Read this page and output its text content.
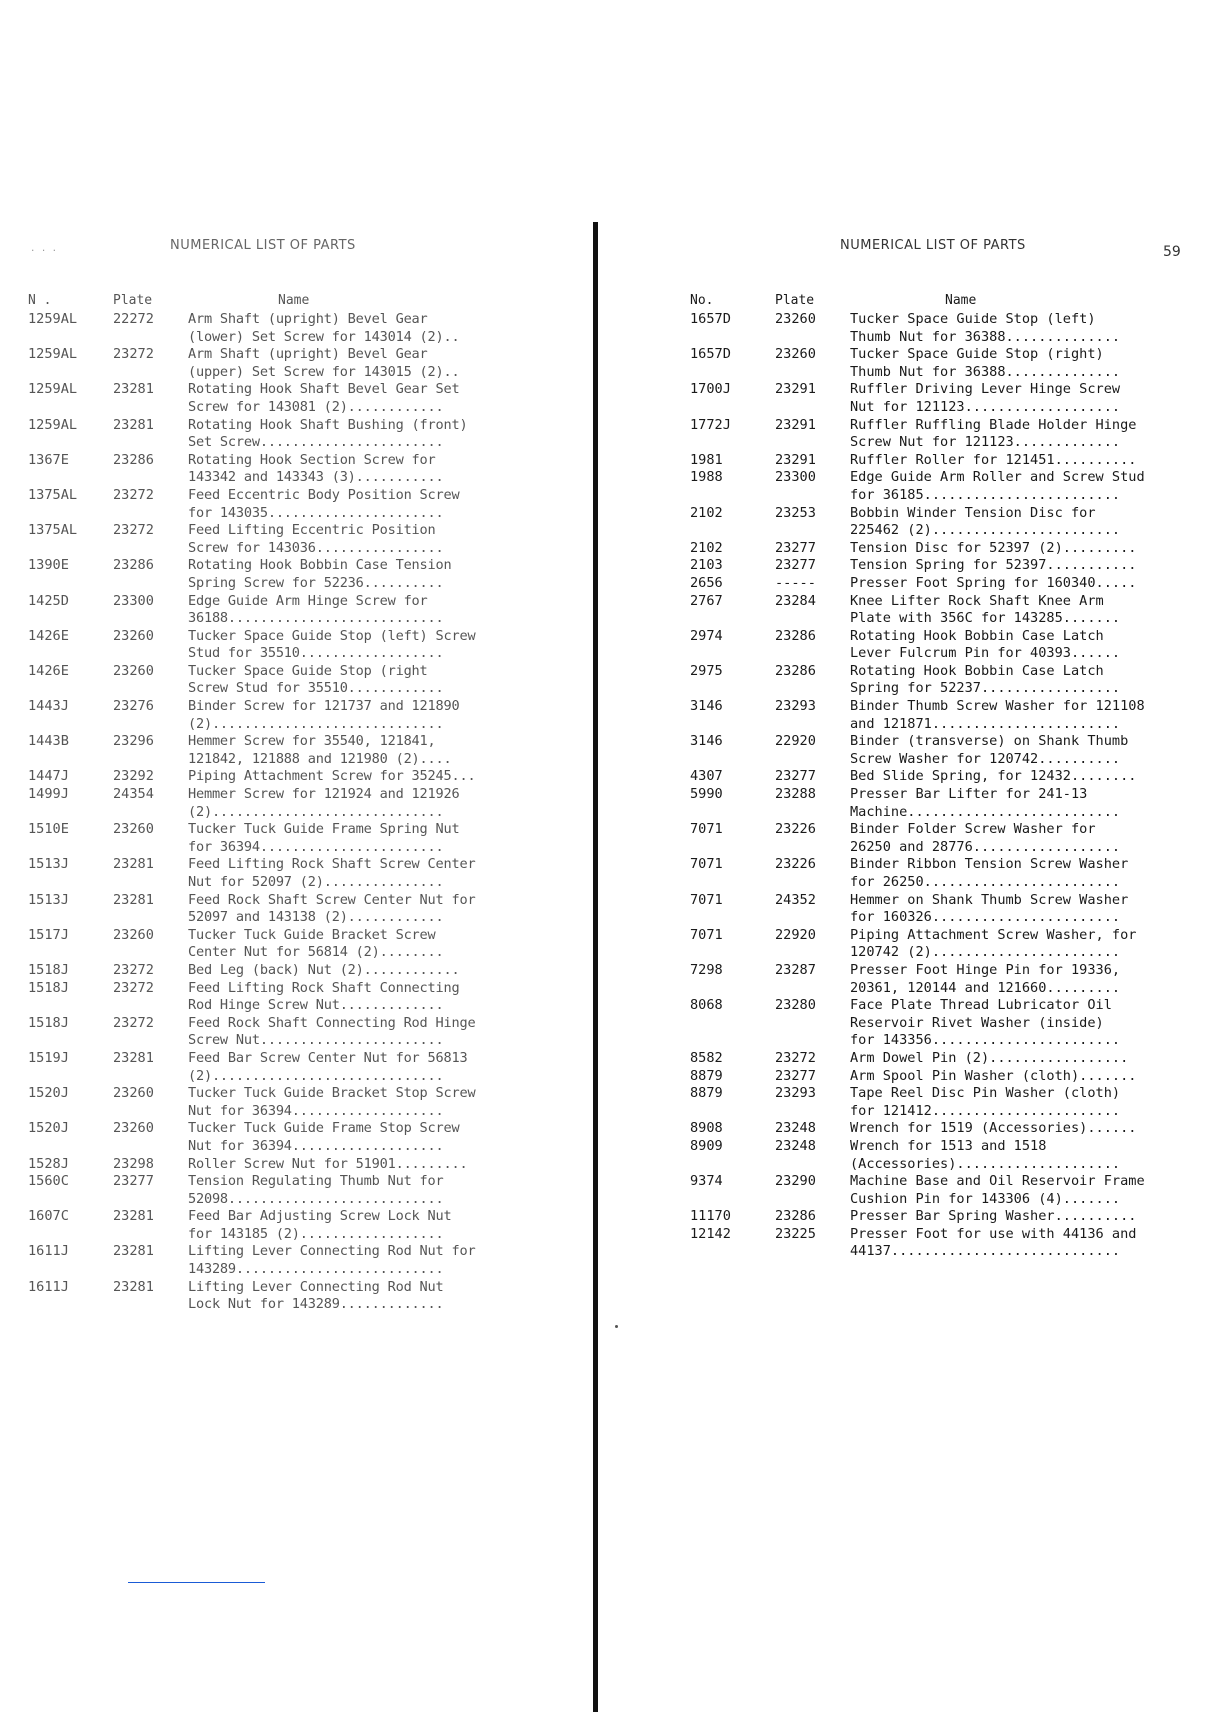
. . .	NUMERICAL LIST OF PARTS
N .	Plate	Name
1259AL	22272	Arm Shaft (upright) Bevel Gear
(lower) Set Screw for 143014 (2)..
1259AL	23272	Arm Shaft (upright) Bevel Gear
(upper) Set Screw for 143015 (2)..
1259AL	23281	Rotating Hook Shaft Bevel Gear Set
Screw for 143081 (2)............
1259AL	23281	Rotating Hook Shaft Bushing (front)
Set Screw.......................
1367E	23286	Rotating Hook Section Screw for
143342 and 143343 (3)...........
1375AL	23272	Feed Eccentric Body Position Screw
for 143035......................
1375AL	23272	Feed Lifting Eccentric Position
Screw for 143036................
1390E	23286	Rotating Hook Bobbin Case Tension
Spring Screw for 52236..........
1425D	23300	Edge Guide Arm Hinge Screw for
36188...........................
1426E	23260	Tucker Space Guide Stop (left) Screw
Stud for 35510..................
1426E	23260	Tucker Space Guide Stop (right
Screw Stud for 35510............
1443J	23276	Binder Screw for 121737 and 121890
(2).............................
1443B	23296	Hemmer Screw for 35540, 121841,
121842, 121888 and 121980 (2)....
1447J	23292	Piping Attachment Screw for 35245...
1499J	24354	Hemmer Screw for 121924 and 121926
(2).............................
1510E	23260	Tucker Tuck Guide Frame Spring Nut
for 36394.......................
1513J	23281	Feed Lifting Rock Shaft Screw Center
Nut for 52097 (2)...............
1513J	23281	Feed Rock Shaft Screw Center Nut for
52097 and 143138 (2)............
1517J	23260	Tucker Tuck Guide Bracket Screw
Center Nut for 56814 (2)........
1518J	23272	Bed Leg (back) Nut (2)............
1518J	23272	Feed Lifting Rock Shaft Connecting
Rod Hinge Screw Nut.............
1518J	23272	Feed Rock Shaft Connecting Rod Hinge
Screw Nut.......................
1519J	23281	Feed Bar Screw Center Nut for 56813
(2).............................
1520J	23260	Tucker Tuck Guide Bracket Stop Screw
Nut for 36394...................
1520J	23260	Tucker Tuck Guide Frame Stop Screw
Nut for 36394...................
1528J	23298	Roller Screw Nut for 51901.........
1560C	23277	Tension Regulating Thumb Nut for
52098...........................
1607C	23281	Feed Bar Adjusting Screw Lock Nut
for 143185 (2)..................
1611J	23281	Lifting Lever Connecting Rod Nut for
143289..........................
1611J	23281	Lifting Lever Connecting Rod Nut
Lock Nut for 143289.............
NUMERICAL LIST OF PARTS	59
No.	Plate	Name
1657D	23260	Tucker Space Guide Stop (left)
Thumb Nut for 36388..............
1657D	23260	Tucker Space Guide Stop (right)
Thumb Nut for 36388..............
1700J	23291	Ruffler Driving Lever Hinge Screw
Nut for 121123...................
1772J	23291	Ruffler Ruffling Blade Holder Hinge
Screw Nut for 121123.............
1981	23291	Ruffler Roller for 121451..........
1988	23300	Edge Guide Arm Roller and Screw Stud
for 36185........................
2102	23253	Bobbin Winder Tension Disc for
225462 (2).......................
2102	23277	Tension Disc for 52397 (2).........
2103	23277	Tension Spring for 52397...........
2656	-----	Presser Foot Spring for 160340.....
2767	23284	Knee Lifter Rock Shaft Knee Arm
Plate with 356C for 143285.......
2974	23286	Rotating Hook Bobbin Case Latch
Lever Fulcrum Pin for 40393......
2975	23286	Rotating Hook Bobbin Case Latch
Spring for 52237.................
3146	23293	Binder Thumb Screw Washer for 121108
and 121871.......................
3146	22920	Binder (transverse) on Shank Thumb
Screw Washer for 120742..........
4307	23277	Bed Slide Spring, for 12432........
5990	23288	Presser Bar Lifter for 241-13
Machine..........................
7071	23226	Binder Folder Screw Washer for
26250 and 28776..................
7071	23226	Binder Ribbon Tension Screw Washer
for 26250........................
7071	24352	Hemmer on Shank Thumb Screw Washer
for 160326.......................
7071	22920	Piping Attachment Screw Washer, for
120742 (2).......................
7298	23287	Presser Foot Hinge Pin for 19336,
20361, 120144 and 121660.........
8068	23280	Face Plate Thread Lubricator Oil
Reservoir Rivet Washer (inside)
for 143356.......................
8582	23272	Arm Dowel Pin (2).................
8879	23277	Arm Spool Pin Washer (cloth).......
8879	23293	Tape Reel Disc Pin Washer (cloth)
for 121412.......................
8908	23248	Wrench for 1519 (Accessories)......
8909	23248	Wrench for 1513 and 1518
(Accessories)....................
9374	23290	Machine Base and Oil Reservoir Frame
Cushion Pin for 143306 (4).......
11170	23286	Presser Bar Spring Washer..........
12142	23225	Presser Foot for use with 44136 and
44137............................
